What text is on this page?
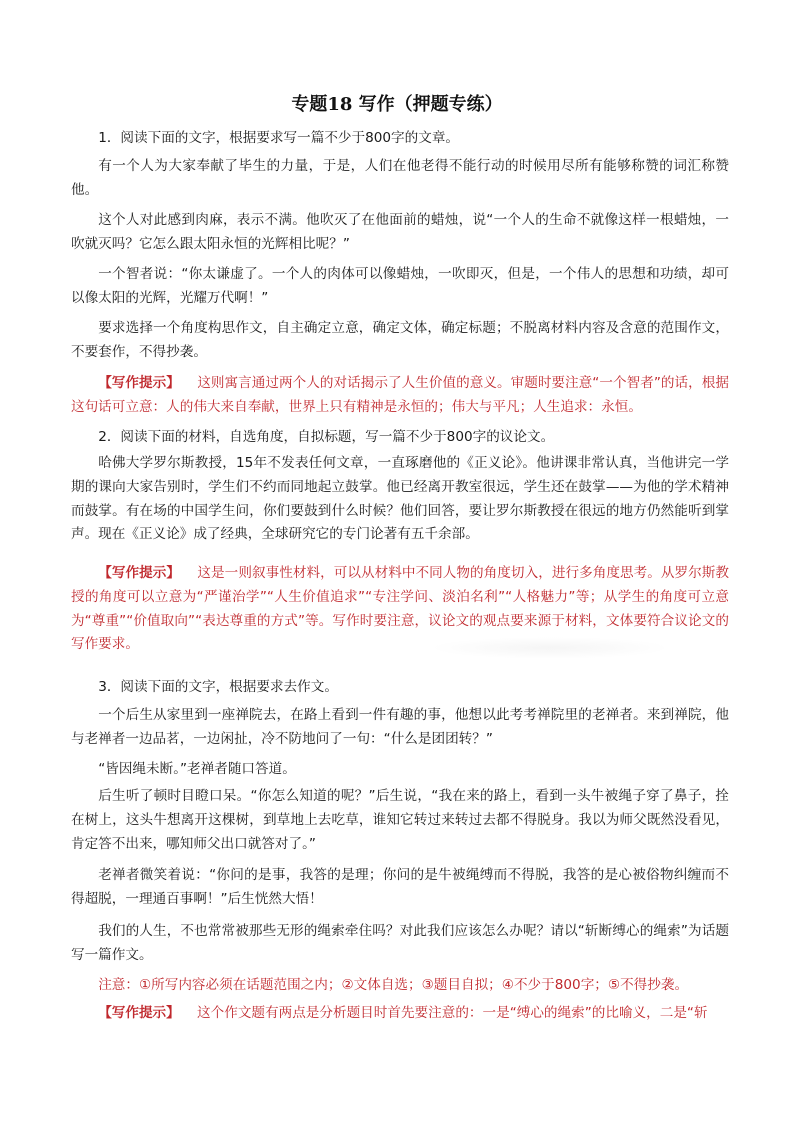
专题18 写作（押题专练）

1．阅读下面的文字，根据要求写一篇不少于800字的文章。

有一个人为大家奉献了毕生的力量，于是，人们在他老得不能行动的时候用尽所有能够称赞的词汇称赞他。

这个人对此感到肉麻，表示不满。他吹灭了在他面前的蜡烛，说“一个人的生命不就像这样一根蜡烛，一吹就灭吗？它怎么跟太阳永恒的光辉相比呢？”

一个智者说：“你太谦虚了。一个人的肉体可以像蜡烛，一吹即灭，但是，一个伟人的思想和功绩，却可以像太阳的光辉，光耀万代啊！”

要求选择一个角度构思作文，自主确定立意，确定文体，确定标题；不脱离材料内容及含意的范围作文，不要套作，不得抄袭。

【写作提示】 这则寓言通过两个人的对话揭示了人生价值的意义。审题时要注意“一个智者”的话，根据这句话可立意：人的伟大来自奉献，世界上只有精神是永恒的；伟大与平凡；人生追求：永恒。

2．阅读下面的材料，自选角度，自拟标题，写一篇不少于800字的议论文。

哈佛大学罗尔斯教授，15年不发表任何文章，一直琢磨他的《正义论》。他讲课非常认真，当他讲完一学期的课向大家告别时，学生们不约而同地起立鼓掌。他已经离开教室很远，学生还在鼓掌——为他的学术精神而鼓掌。有在场的中国学生问，你们要鼓到什么时候？他们回答，要让罗尔斯教授在很远的地方仍然能听到掌声。现在《正义论》成了经典，全球研究它的专门论著有五千余部。

【写作提示】 这是一则叙事性材料，可以从材料中不同人物的角度切入，进行多角度思考。从罗尔斯教授的角度可以立意为“严谨治学”“人生价值追求”“专注学问、淡泊名利”“人格魅力”等；从学生的角度可立意为“尊重”“价值取向”“表达尊重的方式”等。写作时要注意，议论文的观点要来源于材料，文体要符合议论文的写作要求。

3．阅读下面的文字，根据要求去作文。

一个后生从家里到一座禅院去，在路上看到一件有趣的事，他想以此考考禅院里的老禅者。来到禅院，他与老禅者一边品茗，一边闲扯，冷不防地问了一句：“什么是团团转？”

“皆因绳未断。”老禅者随口答道。

后生听了顿时目瞪口呆。“你怎么知道的呢？”后生说，“我在来的路上，看到一头牛被绳子穿了鼻子，拴在树上，这头牛想离开这棵树，到草地上去吃草，谁知它转过来转过去都不得脱身。我以为师父既然没看见，肯定答不出来，哪知师父出口就答对了。”

老禅者微笑着说：“你问的是事，我答的是理；你问的是牛被绳缚而不得脱，我答的是心被俗物纠缠而不得超脱，一理通百事啊！”后生恍然大悟！

我们的人生，不也常常被那些无形的绳索牵住吗？对此我们应该怎么办呢？请以“斩断缚心的绳索”为话题写一篇作文。

注意：①所写内容必须在话题范围之内；②文体自选；③题目自拟；④不少于800字；⑤不得抄袭。

【写作提示】 这个作文题有两点是分析题目时首先要注意的：一是“缚心的绳索”的比喻义，二是“斩
